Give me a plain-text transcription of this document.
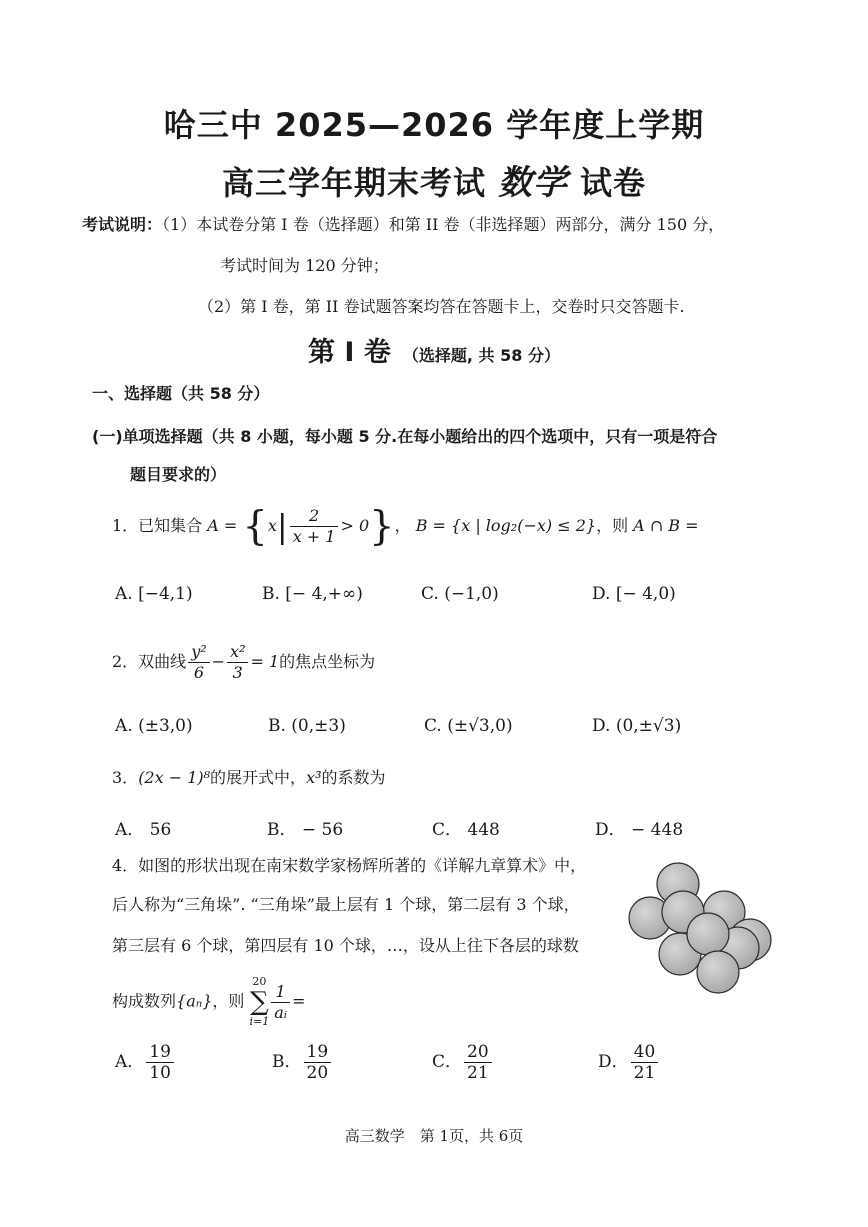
哈三中 2025—2026 学年度上学期
高三学年期末考试 数学 试卷
考试说明：（1）本试卷分第 I 卷（选择题）和第 II 卷（非选择题）两部分，满分 150 分，
考试时间为 120 分钟；
（2）第 I 卷，第 II 卷试题答案均答在答题卡上，交卷时只交答题卡.
第 I 卷 （选择题, 共 58 分）
一、选择题（共 58 分）
(一)单项选择题（共 8 小题，每小题 5 分.在每小题给出的四个选项中，只有一项是符合
题目要求的）
1．已知集合 $A = \{x| \frac{2}{x + 1} > 0\}$， B = {x | log₂(−x) ≤ 2}，则 A ∩ B =
A. [−4,1)	B. [− 4,+∞)	C. (−1,0)	D. [− 4,0)
2．双曲线 $\frac{\text{y²}}{6} - \frac{\text{x²}}{3} = 1$的焦点坐标为
A. (±3,0)	B. (0,±3)	C. (±√3,0)	D. (0,±√3)
3．(2x − 1)⁸的展开式中，x³的系数为
A． 56	B． − 56	C． 448	D． − 448
4．如图的形状出现在南宋数学家杨辉所著的《详解九章算术》中，
后人称为“三角垛”. “三角垛”最上层有 1 个球，第二层有 3 个球，
第三层有 6 个球，第四层有 10 个球，…，设从上往下各层的球数
构成数列{aₙ}，则
20
∑
$i=1 \frac{1}{\text{aᵢ}}$ =
A． $\frac{19}{10}$	B． $\frac{19}{20}$	C． $\frac{20}{21}$	D． $\frac{40}{21}$
高三数学　第 1页，共 6页
